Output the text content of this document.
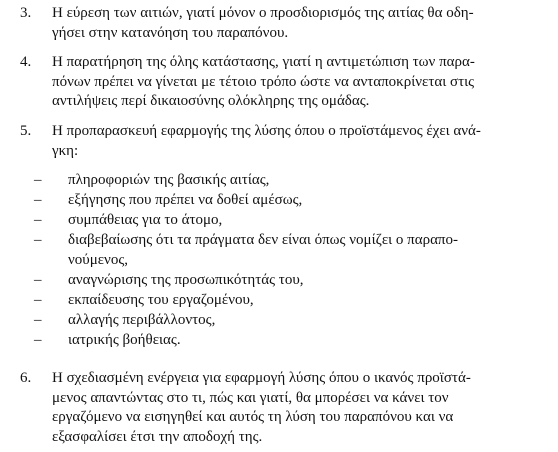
3. Η εύρεση των αιτιών, γιατί μόνον ο προσδιορισμός της αιτίας θα οδη-
γήσει στην κατανόηση του παραπόνου.
4. Η παρατήρηση της όλης κατάστασης, γιατί η αντιμετώπιση των παρα-
πόνων πρέπει να γίνεται με τέτοιο τρόπο ώστε να ανταποκρίνεται στις
αντιλήψεις περί δικαιοσύνης ολόκληρης της ομάδας.
5. Η προπαρασκευή εφαρμογής της λύσης όπου ο προϊστάμενος έχει ανά-
γκη:
– πληροφοριών της βασικής αιτίας,
– εξήγησης που πρέπει να δοθεί αμέσως,
– συμπάθειας για το άτομο,
– διαβεβαίωσης ότι τα πράγματα δεν είναι όπως νομίζει ο παραπο-
νούμενος,
– αναγνώρισης της προσωπικότητάς του,
– εκπαίδευσης του εργαζομένου,
– αλλαγής περιβάλλοντος,
– ιατρικής βοήθειας.
6. Η σχεδιασμένη ενέργεια για εφαρμογή λύσης όπου ο ικανός προϊστά-
μενος απαντώντας στο τι, πώς και γιατί, θα μπορέσει να κάνει τον
εργαζόμενο να εισηγηθεί και αυτός τη λύση του παραπόνου και να
εξασφαλίσει έτσι την αποδοχή της.
